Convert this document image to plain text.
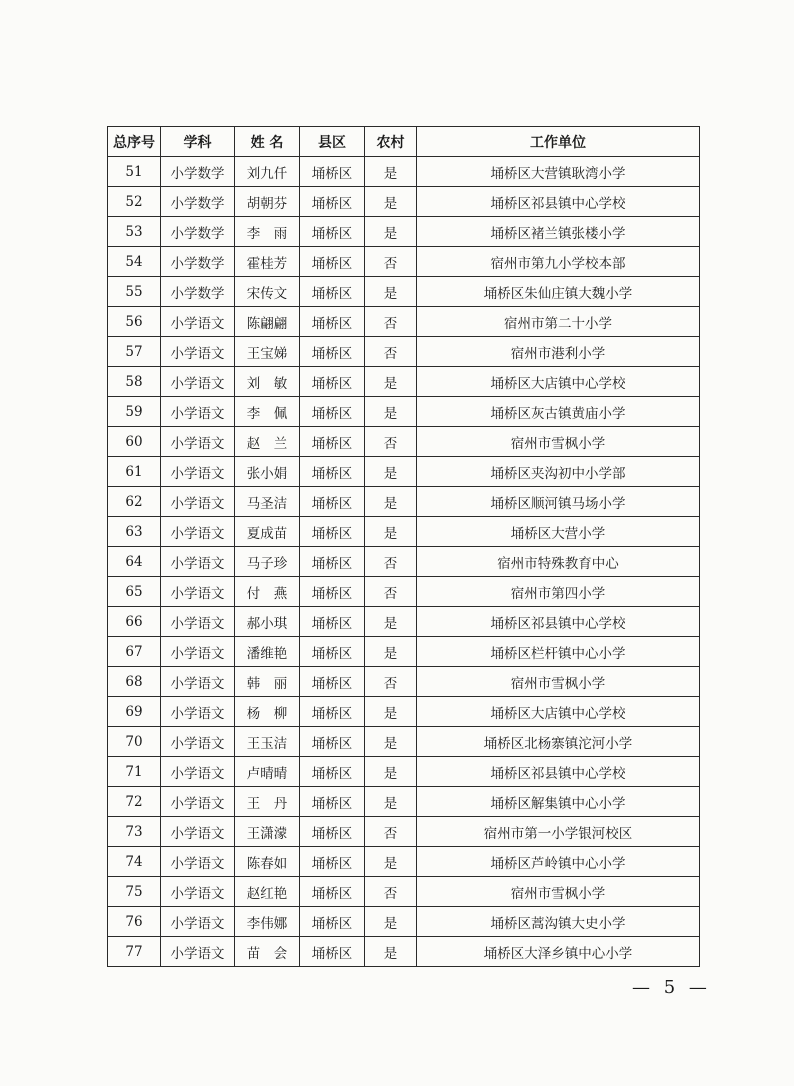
总序号	学科	姓 名	县区	农村	工作单位
51	小学数学	刘九仟	埇桥区	是	埇桥区大营镇耿湾小学
52	小学数学	胡朝芬	埇桥区	是	埇桥区祁县镇中心学校
53	小学数学	李　雨	埇桥区	是	埇桥区褚兰镇张楼小学
54	小学数学	霍桂芳	埇桥区	否	宿州市第九小学校本部
55	小学数学	宋传文	埇桥区	是	埇桥区朱仙庄镇大魏小学
56	小学语文	陈翩翩	埇桥区	否	宿州市第二十小学
57	小学语文	王宝娣	埇桥区	否	宿州市港利小学
58	小学语文	刘　敏	埇桥区	是	埇桥区大店镇中心学校
59	小学语文	李　佩	埇桥区	是	埇桥区灰古镇黄庙小学
60	小学语文	赵　兰	埇桥区	否	宿州市雪枫小学
61	小学语文	张小娟	埇桥区	是	埇桥区夹沟初中小学部
62	小学语文	马圣洁	埇桥区	是	埇桥区顺河镇马场小学
63	小学语文	夏成苗	埇桥区	是	埇桥区大营小学
64	小学语文	马子珍	埇桥区	否	宿州市特殊教育中心
65	小学语文	付　燕	埇桥区	否	宿州市第四小学
66	小学语文	郝小琪	埇桥区	是	埇桥区祁县镇中心学校
67	小学语文	潘维艳	埇桥区	是	埇桥区栏杆镇中心小学
68	小学语文	韩　丽	埇桥区	否	宿州市雪枫小学
69	小学语文	杨　柳	埇桥区	是	埇桥区大店镇中心学校
70	小学语文	王玉洁	埇桥区	是	埇桥区北杨寨镇沱河小学
71	小学语文	卢晴晴	埇桥区	是	埇桥区祁县镇中心学校
72	小学语文	王　丹	埇桥区	是	埇桥区解集镇中心小学
73	小学语文	王潇濛	埇桥区	否	宿州市第一小学银河校区
74	小学语文	陈春如	埇桥区	是	埇桥区芦岭镇中心小学
75	小学语文	赵红艳	埇桥区	否	宿州市雪枫小学
76	小学语文	李伟娜	埇桥区	是	埇桥区蒿沟镇大史小学
77	小学语文	苗　会	埇桥区	是	埇桥区大泽乡镇中心小学
— 5 —
